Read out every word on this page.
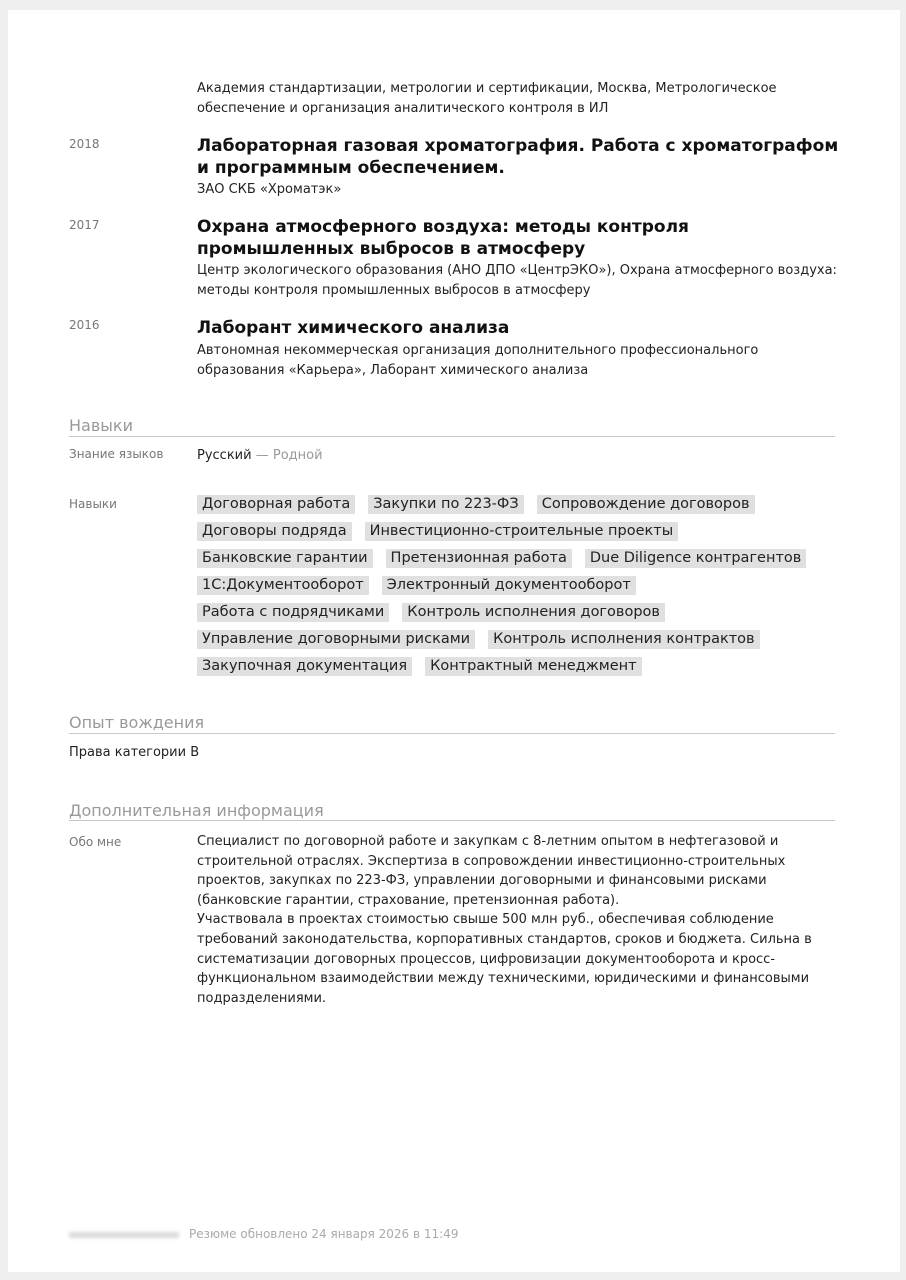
Академия стандартизации, метрологии и сертификации, Москва, Метрологическое обеспечение и организация аналитического контроля в ИЛ
2018	Лабораторная газовая хроматография. Работа с хроматографом и программным обеспечением.
ЗАО СКБ «Хроматэк»
2017	Охрана атмосферного воздуха: методы контроля промышленных выбросов в атмосферу
Центр экологического образования (АНО ДПО «ЦентрЭКО»), Охрана атмосферного воздуха: методы контроля промышленных выбросов в атмосферу
2016	Лаборант химического анализа
Автономная некоммерческая организация дополнительного профессионального образования «Карьера», Лаборант химического анализа
Навыки
Знание языков	Русский — Родной
Навыки	Договорная работа Закупки по 223-ФЗ Сопровождение договоров
Договоры подряда Инвестиционно-строительные проекты
Банковские гарантии Претензионная работа Due Diligence контрагентов
1С:Документооборот Электронный документооборот
Работа с подрядчиками Контроль исполнения договоров
Управление договорными рисками Контроль исполнения контрактов
Закупочная документация Контрактный менеджмент
Опыт вождения
Права категории B
Дополнительная информация
Обо мне	Специалист по договорной работе и закупкам с 8-летним опытом в нефтегазовой и строительной отраслях. Экспертиза в сопровождении инвестиционно-строительных проектов, закупках по 223-ФЗ, управлении договорными и финансовыми рисками (банковские гарантии, страхование, претензионная работа).

Участвовала в проектах стоимостью свыше 500 млн руб., обеспечивая соблюдение требований законодательства, корпоративных стандартов, сроков и бюджета. Сильна в систематизации договорных процессов, цифровизации документооборота и кросс-функциональном взаимодействии между техническими, юридическими и финансовыми подразделениями.

Резюме обновлено 24 января 2026 в 11:49
